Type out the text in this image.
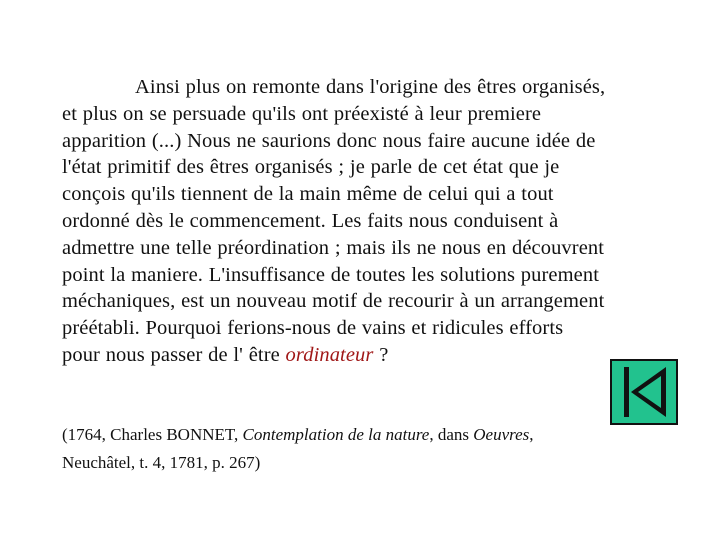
Ainsi plus on remonte dans l'origine des êtres organisés,
et plus on se persuade qu'ils ont préexisté à leur premiere
apparition (...) Nous ne saurions donc nous faire aucune idée de
l'état primitif des êtres organisés ; je parle de cet état que je
conçois qu'ils tiennent de la main même de celui qui a tout
ordonné dès le commencement. Les faits nous conduisent à
admettre une telle préordination ; mais ils ne nous en découvrent
point la maniere. L'insuffisance de toutes les solutions purement
méchaniques, est un nouveau motif de recourir à un arrangement
préétabli. Pourquoi ferions-nous de vains et ridicules efforts
pour nous passer de l' être ordinateur ?
(1764, Charles BONNET, Contemplation de la nature, dans Oeuvres,
Neuchâtel, t. 4, 1781, p. 267)
